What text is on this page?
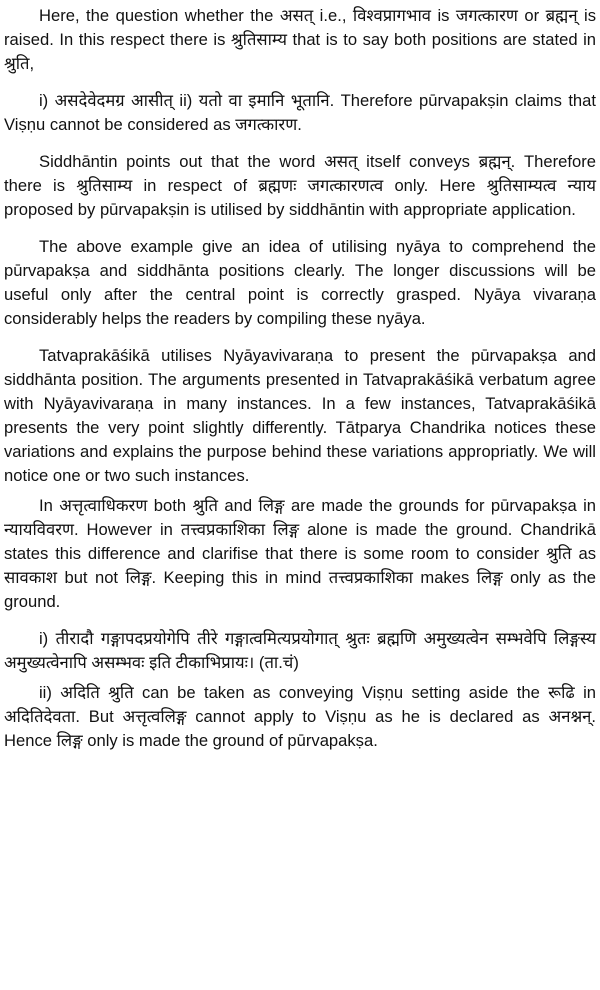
Here, the question whether the असत् i.e., विश्वप्रागभाव is जगत्कारण or ब्रह्मन् is raised. In this respect there is श्रुतिसाम्य that is to say both positions are stated in श्रुति,

i) असदेवेदमग्र आसीत् ii) यतो वा इमानि भूतानि. Therefore pūrvapakṣin claims that Viṣṇu cannot be considered as जगत्कारण.

Siddhāntin points out that the word असत् itself conveys ब्रह्मन्. Therefore there is श्रुतिसाम्य in respect of ब्रह्मणः जगत्कारणत्व only. Here श्रुतिसाम्यत्व न्याय proposed by pūrvapakṣin is utilised by siddhāntin with appropriate application.

The above example give an idea of utilising nyāya to comprehend the pūrvapakṣa and siddhānta positions clearly. The longer discussions will be useful only after the central point is correctly grasped. Nyāya vivaraṇa considerably helps the readers by compiling these nyāya.

Tatvaprakāśikā utilises Nyāyavivaraṇa to present the pūrvapakṣa and siddhānta position. The arguments presented in Tatvaprakāśikā verbatum agree with Nyāyavivaraṇa in many instances. In a few instances, Tatvaprakāśikā presents the very point slightly differently. Tātparya Chandrika notices these variations and explains the purpose behind these variations appropriatly. We will notice one or two such instances.

In अत्तृत्वाधिकरण both श्रुति and लिङ्ग are made the grounds for pūrvapakṣa in न्यायविवरण. However in तत्त्वप्रकाशिका लिङ्ग alone is made the ground. Chandrikā states this difference and clarifise that there is some room to consider श्रुति as सावकाश but not लिङ्ग. Keeping this in mind तत्त्वप्रकाशिका makes लिङ्ग only as the ground.

i) तीरादौ गङ्गापदप्रयोगेपि तीरे गङ्गात्वमित्यप्रयोगात् श्रुतः ब्रह्मणि अमुख्यत्वेन सम्भवेपि लिङ्गस्य अमुख्यत्वेनापि असम्भवः इति टीकाभिप्रायः। (ता.चं)

ii) अदिति श्रुति can be taken as conveying Viṣṇu setting aside the रूढि in अदितिदेवता. But अत्तृत्वलिङ्ग cannot apply to Viṣṇu as he is declared as अनश्नन्. Hence लिङ्ग only is made the ground of pūrvapakṣa.
